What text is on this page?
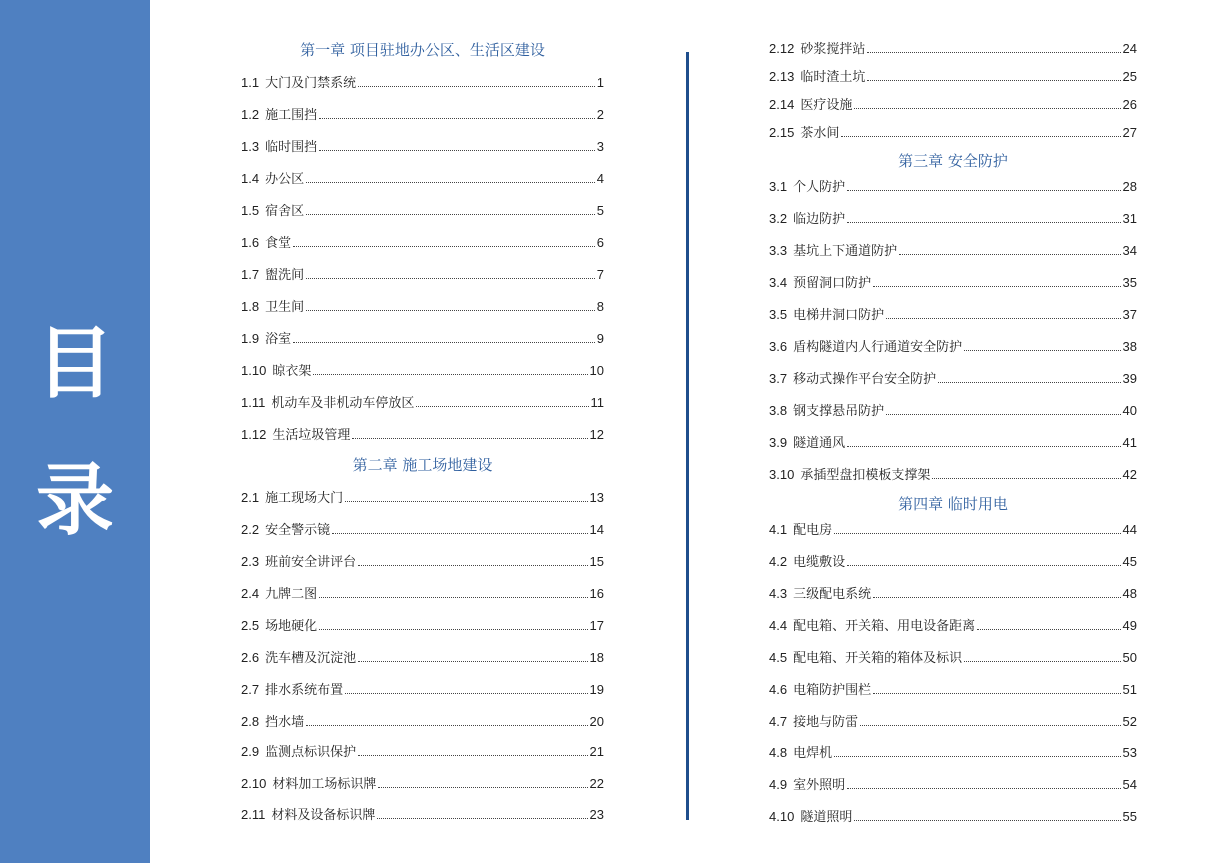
目
录
第一章 项目驻地办公区、生活区建设
1.1 大门及门禁系统	1
1.2 施工围挡	2
1.3 临时围挡	3
1.4 办公区	4
1.5 宿舍区	5
1.6 食堂	6
1.7 盥洗间	7
1.8 卫生间	8
1.9 浴室	9
1.10 晾衣架	10
1.11 机动车及非机动车停放区	11
1.12 生活垃圾管理	12
第二章 施工场地建设
2.1 施工现场大门	13
2.2 安全警示镜	14
2.3 班前安全讲评台	15
2.4 九牌二图	16
2.5 场地硬化	17
2.6 洗车槽及沉淀池	18
2.7 排水系统布置	19
2.8 挡水墙	20
2.9 监测点标识保护	21
2.10 材料加工场标识牌	22
2.11 材料及设备标识牌	23
2.12 砂浆搅拌站	24
2.13 临时渣土坑	25
2.14 医疗设施	26
2.15 茶水间	27
第三章 安全防护
3.1 个人防护	28
3.2 临边防护	31
3.3 基坑上下通道防护	34
3.4 预留洞口防护	35
3.5 电梯井洞口防护	37
3.6 盾构隧道内人行通道安全防护	38
3.7 移动式操作平台安全防护	39
3.8 钢支撑悬吊防护	40
3.9 隧道通风	41
3.10 承插型盘扣模板支撑架	42
第四章 临时用电
4.1 配电房	44
4.2 电缆敷设	45
4.3 三级配电系统	48
4.4 配电箱、开关箱、用电设备距离	49
4.5 配电箱、开关箱的箱体及标识	50
4.6 电箱防护围栏	51
4.7 接地与防雷	52
4.8 电焊机	53
4.9 室外照明	54
4.10 隧道照明	55
